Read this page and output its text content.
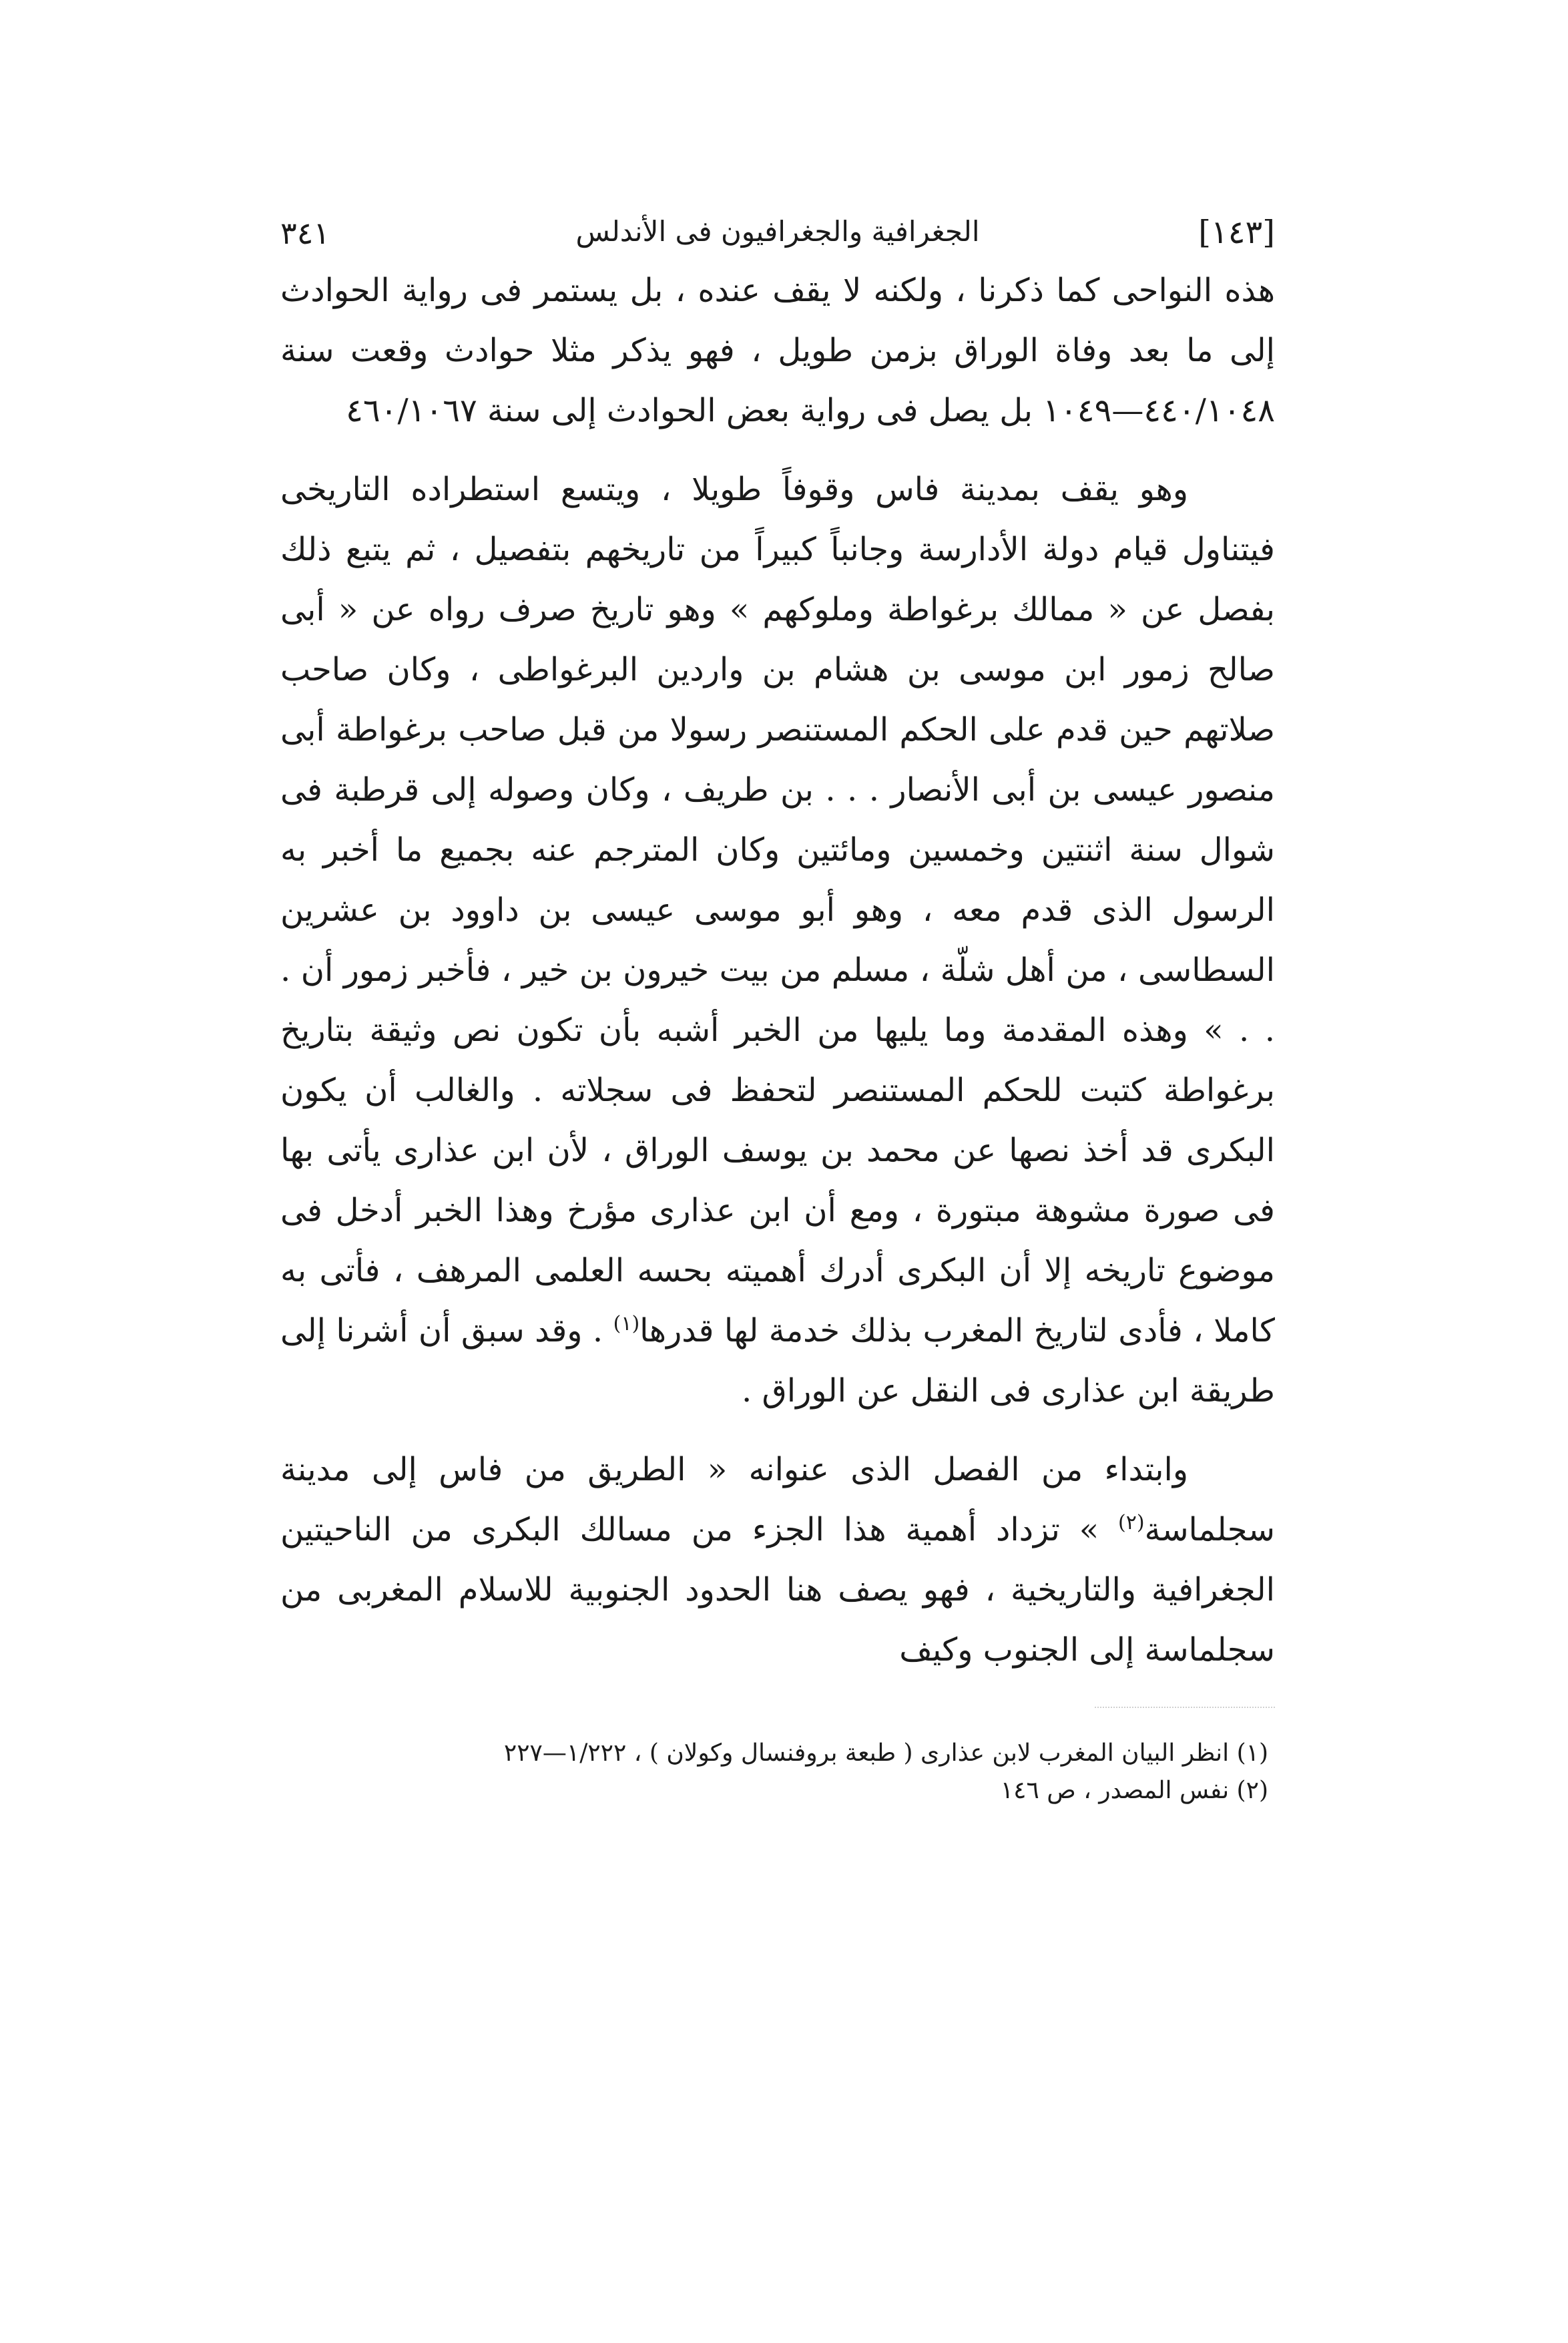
[١٤٣]
الجغرافية والجغرافيون فى الأندلس
٣٤١

هذه النواحى كما ذكرنا ، ولكنه لا يقف عنده ، بل يستمر فى رواية الحوادث إلى ما بعد وفاة الوراق بزمن طويل ، فهو يذكر مثلا حوادث وقعت سنة ٤٤٠/١٠٤٨—١٠٤٩ بل يصل فى رواية بعض الحوادث إلى سنة ٤٦٠/١٠٦٧

وهو يقف بمدينة فاس وقوفاً طويلا ، ويتسع استطراده التاريخى فيتناول قيام دولة الأدارسة وجانباً كبيراً من تاريخهم بتفصيل ، ثم يتبع ذلك بفصل عن « ممالك برغواطة وملوكهم » وهو تاريخ صرف رواه عن « أبى صالح زمور ابن موسى بن هشام بن واردين البرغواطى ، وكان صاحب صلاتهم حين قدم على الحكم المستنصر رسولا من قبل صاحب برغواطة أبى منصور عيسى بن أبى الأنصار . . . بن طريف ، وكان وصوله إلى قرطبة فى شوال سنة اثنتين وخمسين ومائتين وكان المترجم عنه بجميع ما أخبر به الرسول الذى قدم معه ، وهو أبو موسى عيسى بن داوود بن عشرين السطاسى ، من أهل شلّة ، مسلم من بيت خيرون بن خير ، فأخبر زمور أن . . . » وهذه المقدمة وما يليها من الخبر أشبه بأن تكون نص وثيقة بتاريخ برغواطة كتبت للحكم المستنصر لتحفظ فى سجلاته . والغالب أن يكون البكرى قد أخذ نصها عن محمد بن يوسف الوراق ، لأن ابن عذارى يأتى بها فى صورة مشوهة مبتورة ، ومع أن ابن عذارى مؤرخ وهذا الخبر أدخل فى موضوع تاريخه إلا أن البكرى أدرك أهميته بحسه العلمى المرهف ، فأتى به كاملا ، فأدى لتاريخ المغرب بذلك خدمة لها قدرها$^{(١)}$ . وقد سبق أن أشرنا إلى طريقة ابن عذارى فى النقل عن الوراق .

وابتداء من الفصل الذى عنوانه « الطريق من فاس إلى مدينة سجلماسة$^{(٢)}$ » تزداد أهمية هذا الجزء من مسالك البكرى من الناحيتين الجغرافية والتاريخية ، فهو يصف هنا الحدود الجنوبية للاسلام المغربى من سجلماسة إلى الجنوب وكيف

(١) انظر البيان المغرب لابن عذارى ( طبعة بروفنسال وكولان ) ، ١/٢٢٢—٢٢٧
(٢) نفس المصدر ، ص ١٤٦
